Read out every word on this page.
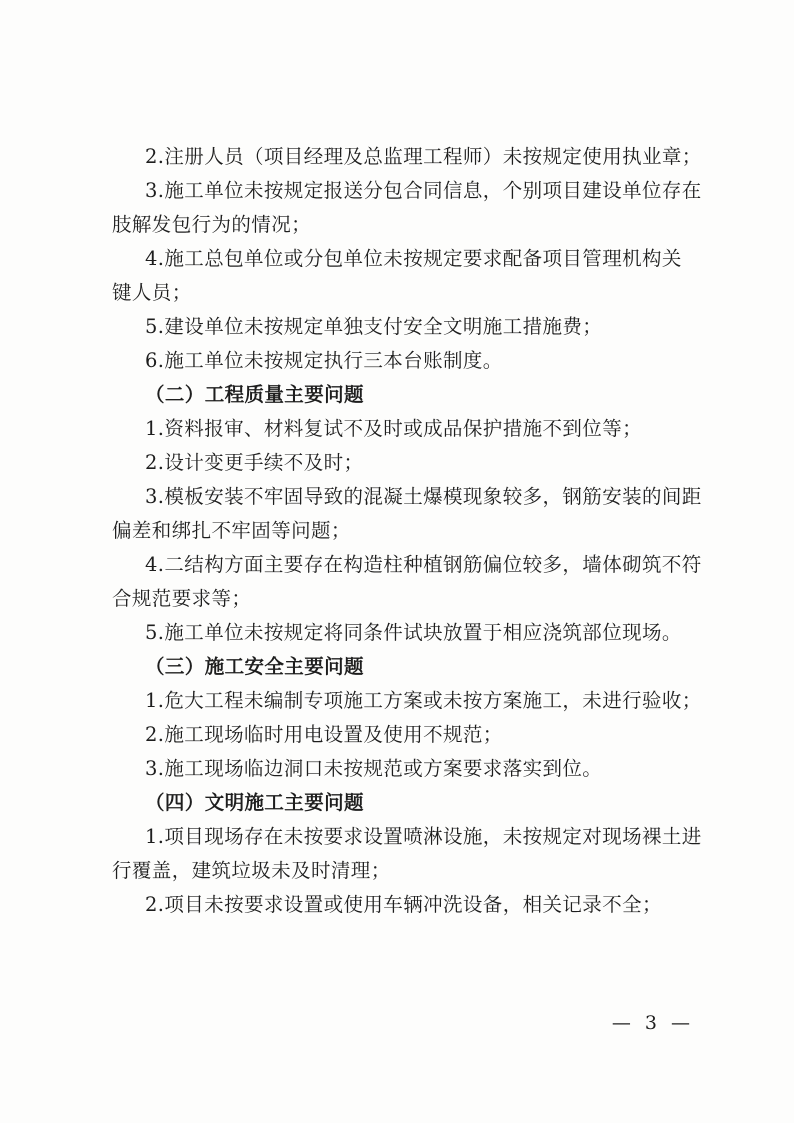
2.注册人员（项目经理及总监理工程师）未按规定使用执业章；
3.施工单位未按规定报送分包合同信息，个别项目建设单位存在
肢解发包行为的情况；
4.施工总包单位或分包单位未按规定要求配备项目管理机构关
键人员；
5.建设单位未按规定单独支付安全文明施工措施费；
6.施工单位未按规定执行三本台账制度。
（二）工程质量主要问题
1.资料报审、材料复试不及时或成品保护措施不到位等；
2.设计变更手续不及时；
3.模板安装不牢固导致的混凝土爆模现象较多，钢筋安装的间距
偏差和绑扎不牢固等问题；
4.二结构方面主要存在构造柱种植钢筋偏位较多，墙体砌筑不符
合规范要求等；
5.施工单位未按规定将同条件试块放置于相应浇筑部位现场。
（三）施工安全主要问题
1.危大工程未编制专项施工方案或未按方案施工，未进行验收；
2.施工现场临时用电设置及使用不规范；
3.施工现场临边洞口未按规范或方案要求落实到位。
（四）文明施工主要问题
1.项目现场存在未按要求设置喷淋设施，未按规定对现场裸土进
行覆盖，建筑垃圾未及时清理；
2.项目未按要求设置或使用车辆冲洗设备，相关记录不全；
— 3 —
